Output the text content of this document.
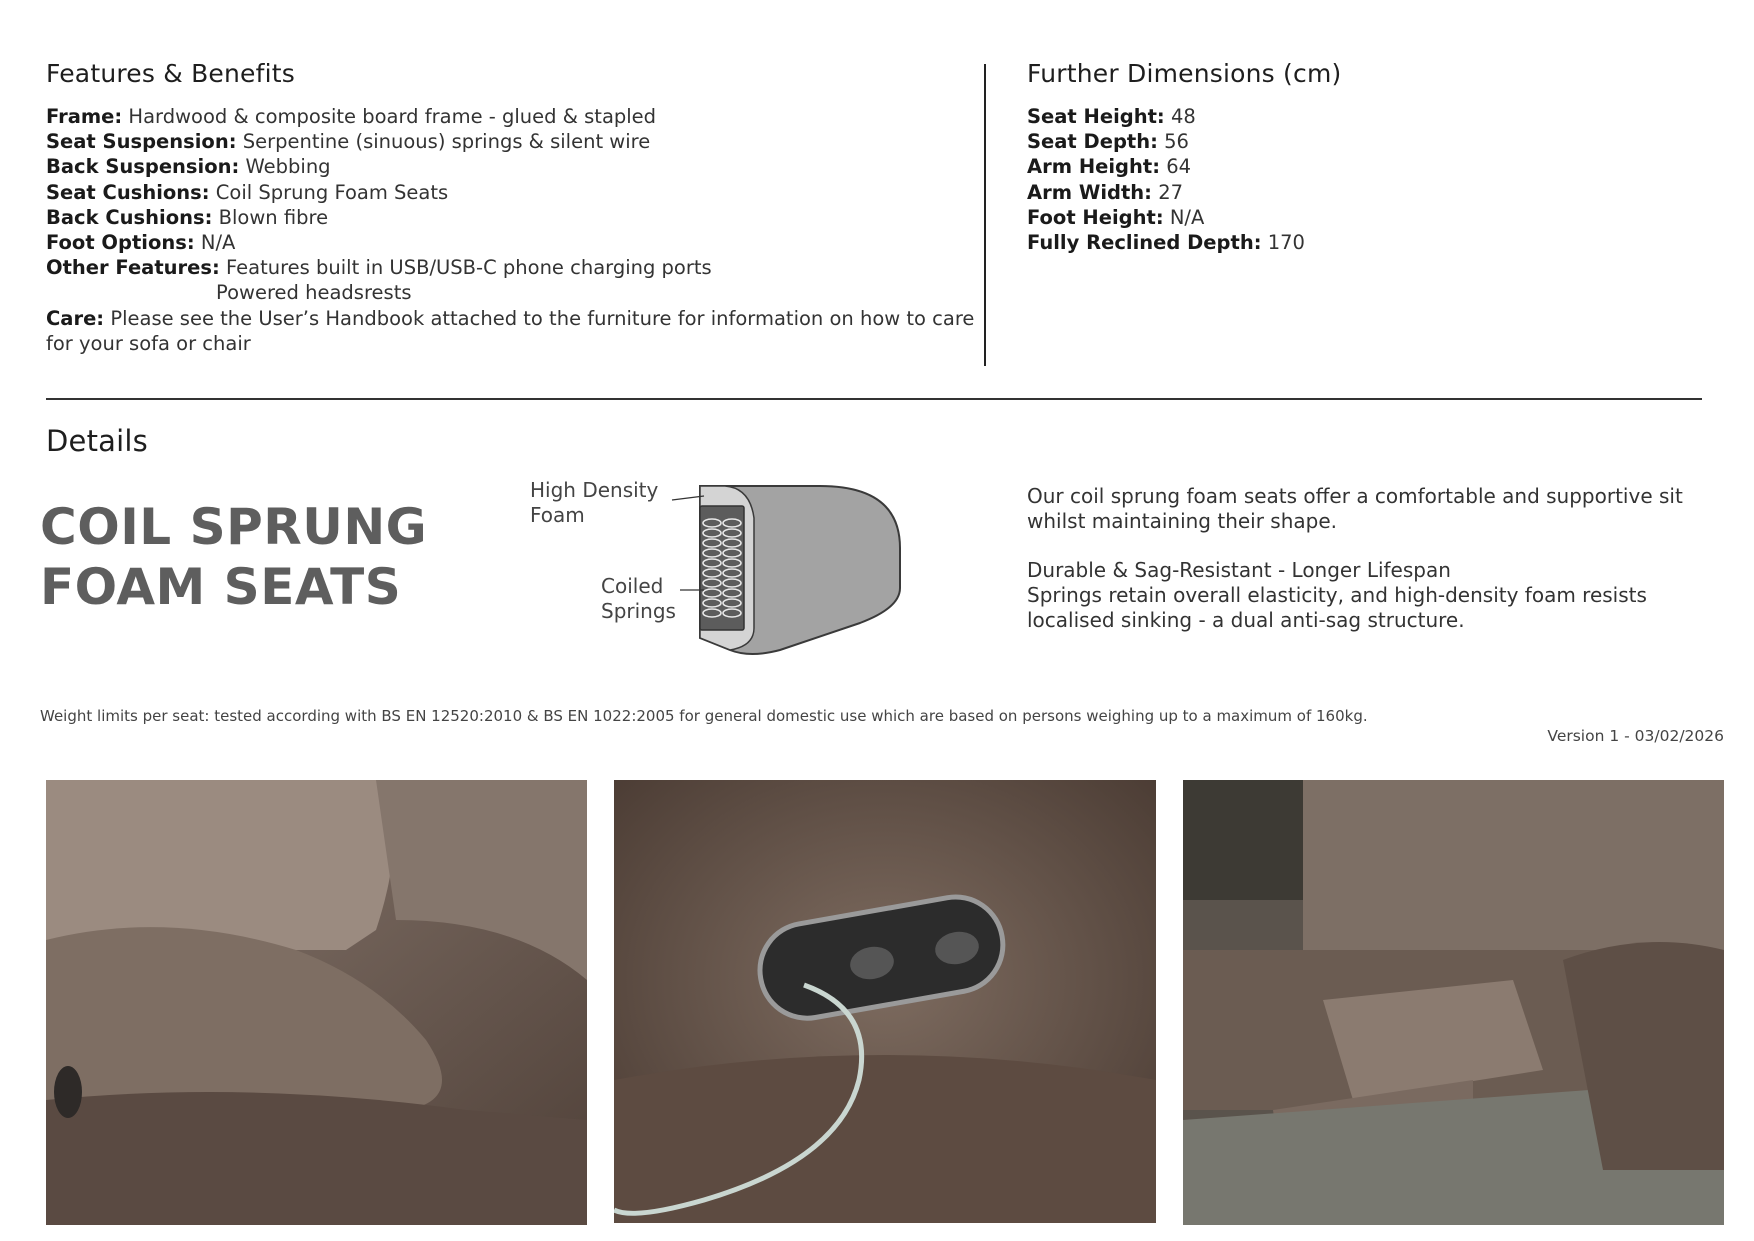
Features & Benefits
Frame: Hardwood & composite board frame - glued & stapled
Seat Suspension: Serpentine (sinuous) springs & silent wire
Back Suspension: Webbing
Seat Cushions: Coil Sprung Foam Seats
Back Cushions: Blown fibre
Foot Options: N/A
Other Features: Features built in USB/USB-C phone charging ports
Powered headsrests
Care: Please see the User’s Handbook attached to the furniture for information on how to care for your sofa or chair
Further Dimensions (cm)
Seat Height: 48
Seat Depth: 56
Arm Height: 64
Arm Width: 27
Foot Height: N/A
Fully Reclined Depth: 170
Details
COIL SPRUNG
FOAM SEATS
High Density
Foam
Coiled
Springs
Our coil sprung foam seats offer a comfortable and supportive sit whilst maintaining their shape.
Durable & Sag-Resistant - Longer Lifespan
Springs retain overall elasticity, and high-density foam resists localised sinking - a dual anti-sag structure.
Weight limits per seat: tested according with BS EN 12520:2010 & BS EN 1022:2005 for general domestic use which are based on persons weighing up to a maximum of 160kg.
Version 1 - 03/02/2026
